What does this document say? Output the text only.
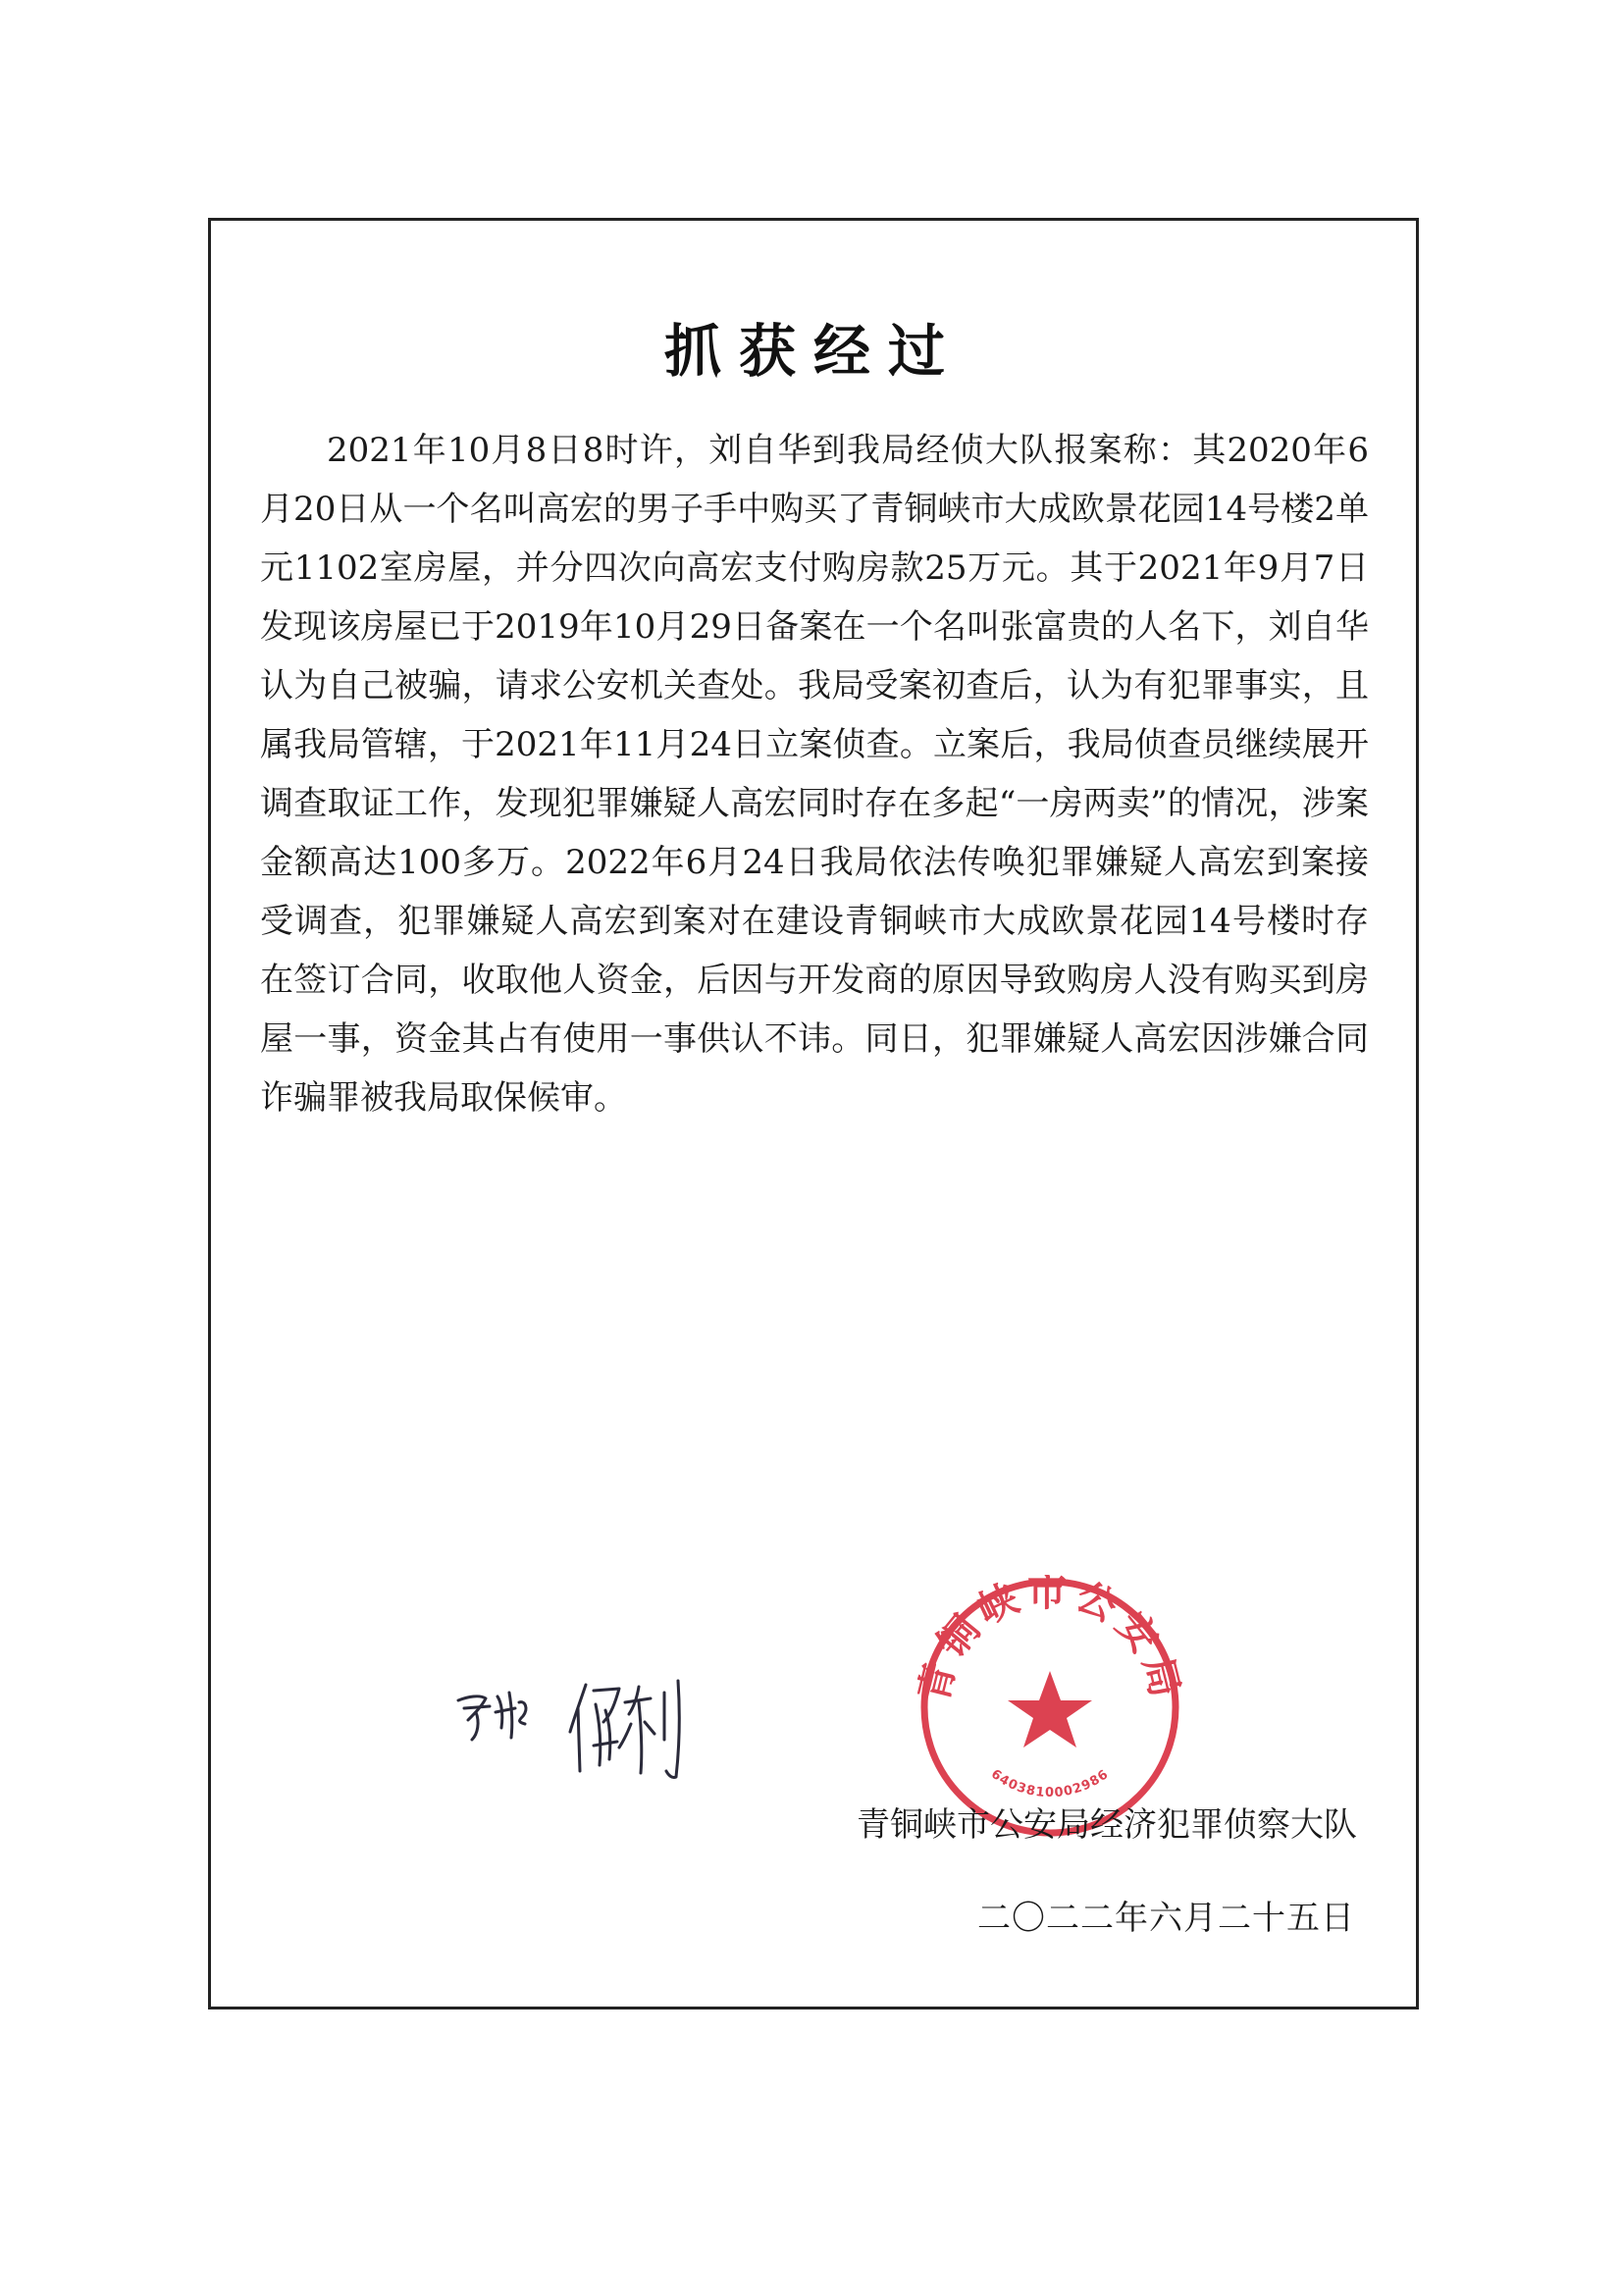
抓获经过

2021年10月8日8时许，刘自华到我局经侦大队报案称：其2020年6月20日从一个名叫高宏的男子手中购买了青铜峡市大成欧景花园14号楼2单元1102室房屋，并分四次向高宏支付购房款25万元。其于2021年9月7日发现该房屋已于2019年10月29日备案在一个名叫张富贵的人名下，刘自华认为自己被骗，请求公安机关查处。我局受案初查后，认为有犯罪事实，且属我局管辖，于2021年11月24日立案侦查。立案后，我局侦查员继续展开调查取证工作，发现犯罪嫌疑人高宏同时存在多起“一房两卖”的情况，涉案金额高达100多万。2022年6月24日我局依法传唤犯罪嫌疑人高宏到案接受调查，犯罪嫌疑人高宏到案对在建设青铜峡市大成欧景花园14号楼时存在签订合同，收取他人资金，后因与开发商的原因导致购房人没有购买到房屋一事，资金其占有使用一事供认不讳。同日，犯罪嫌疑人高宏因涉嫌合同诈骗罪被我局取保候审。

铜峡市公安
6403810002986
青铜峡市公安局经济犯罪侦察大队
二〇二二年六月二十五日
